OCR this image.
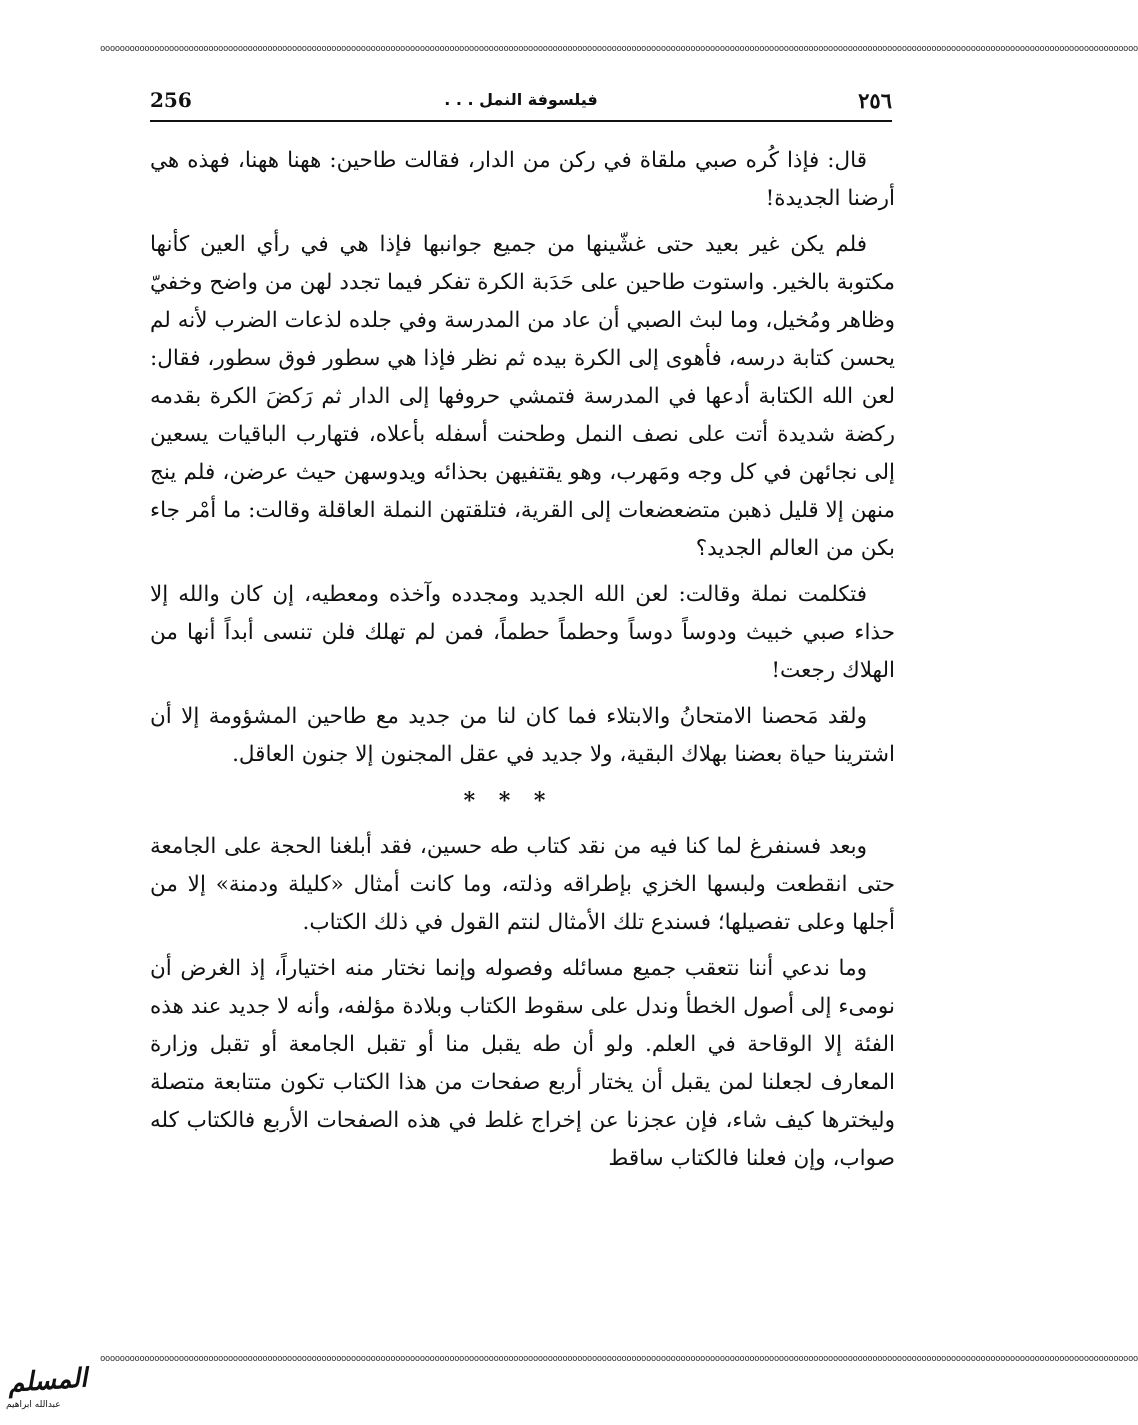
ooooooooooooooooooooooooooooooooooooooooooooooooooooooooooooooooooooooooooooooooooooooooooooooooooooooooooooooooooooooooooooooooooooooooooooooooooooooooooooooooooooooooooooooooooooooooooooooooooooooooooooooooooo
256	فيلسوفة النمل . . .	٢٥٦

قال: فإذا كُره صبي ملقاة في ركن من الدار، فقالت طاحين: ههنا ههنا، فهذه هي أرضنا الجديدة!

فلم يكن غير بعيد حتى غشّينها من جميع جوانبها فإذا هي في رأي العين كأنها مكتوبة بالخير. واستوت طاحين على حَدَبة الكرة تفكر فيما تجدد لهن من واضح وخفيّ وظاهر ومُخيل، وما لبث الصبي أن عاد من المدرسة وفي جلده لذعات الضرب لأنه لم يحسن كتابة درسه، فأهوى إلى الكرة بيده ثم نظر فإذا هي سطور فوق سطور، فقال: لعن الله الكتابة أدعها في المدرسة فتمشي حروفها إلى الدار ثم رَكضَ الكرة بقدمه ركضة شديدة أتت على نصف النمل وطحنت أسفله بأعلاه، فتهارب الباقيات يسعين إلى نجائهن في كل وجه ومَهرب، وهو يقتفيهن بحذائه ويدوسهن حيث عرضن، فلم ينج منهن إلا قليل ذهبن متضعضعات إلى القرية، فتلقتهن النملة العاقلة وقالت: ما أمْر جاء بكن من العالم الجديد؟

فتكلمت نملة وقالت: لعن الله الجديد ومجدده وآخذه ومعطيه، إن كان والله إلا حذاء صبي خبيث ودوساً دوساً وحطماً حطماً، فمن لم تهلك فلن تنسى أبداً أنها من الهلاك رجعت!

ولقد مَحصنا الامتحانُ والابتلاء فما كان لنا من جديد مع طاحين المشؤومة إلا أن اشترينا حياة بعضنا بهلاك البقية، ولا جديد في عقل المجنون إلا جنون العاقل.

* * *

وبعد فسنفرغ لما كنا فيه من نقد كتاب طه حسين، فقد أبلغنا الحجة على الجامعة حتى انقطعت ولبسها الخزي بإطراقه وذلته، وما كانت أمثال «كليلة ودمنة» إلا من أجلها وعلى تفصيلها؛ فسندع تلك الأمثال لنتم القول في ذلك الكتاب.

وما ندعي أننا نتعقب جميع مسائله وفصوله وإنما نختار منه اختياراً، إذ الغرض أن نومىء إلى أصول الخطأ وندل على سقوط الكتاب وبلادة مؤلفه، وأنه لا جديد عند هذه الفئة إلا الوقاحة في العلم. ولو أن طه يقبل منا أو تقبل الجامعة أو تقبل وزارة المعارف لجعلنا لمن يقبل أن يختار أربع صفحات من هذا الكتاب تكون متتابعة متصلة وليخترها كيف شاء، فإن عجزنا عن إخراج غلط في هذه الصفحات الأربع فالكتاب كله صواب، وإن فعلنا فالكتاب ساقط

ooooooooooooooooooooooooooooooooooooooooooooooooooooooooooooooooooooooooooooooooooooooooooooooooooooooooooooooooooooooooooooooooooooooooooooooooooooooooooooooooooooooooooooooooooooooooooooooooooooooooooooooooooo
المسلم
عبدالله ابراهيم
